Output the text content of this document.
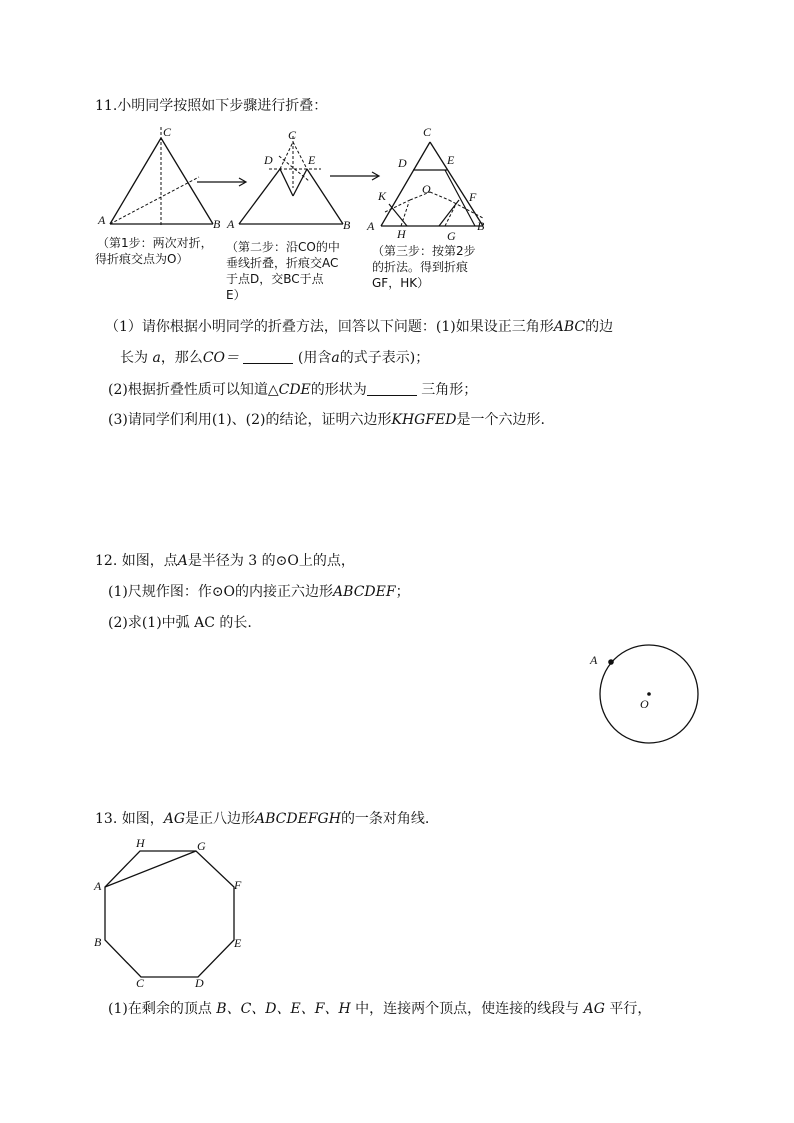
11.小明同学按照如下步骤进行折叠：
C
A	B
（第1步：两次对折，
得折痕交点为O）
C
D	E
A	B
（第二步：沿CO的中
垂线折叠，折痕交AC
于点D，交BC于点
E）
C
D	E
O
K	F
A	B
H	G
（第三步：按第2步
的折法。得到折痕
GF，HK）
（1）请你根据小明同学的折叠方法，回答以下问题：(1)如果设正三角形ABC的边
长为 a，那么CO＝	(用含a的式子表示)；
(2)根据折叠性质可以知道△CDE的形状为	三角形；
(3)请同学们利用(1)、(2)的结论，证明六边形KHGFED是一个六边形.
12. 如图，点A是半径为 3 的⊙O上的点，
(1)尺规作图：作⊙O的内接正六边形ABCDEF；
(2)求(1)中弧 AC 的长.
A
O
13. 如图，AG是正八边形ABCDEFGH的一条对角线.
H	G
A	F
B	E
C	D
(1)在剩余的顶点 B、C、D、E、F、H 中，连接两个顶点，使连接的线段与 AG 平行，
